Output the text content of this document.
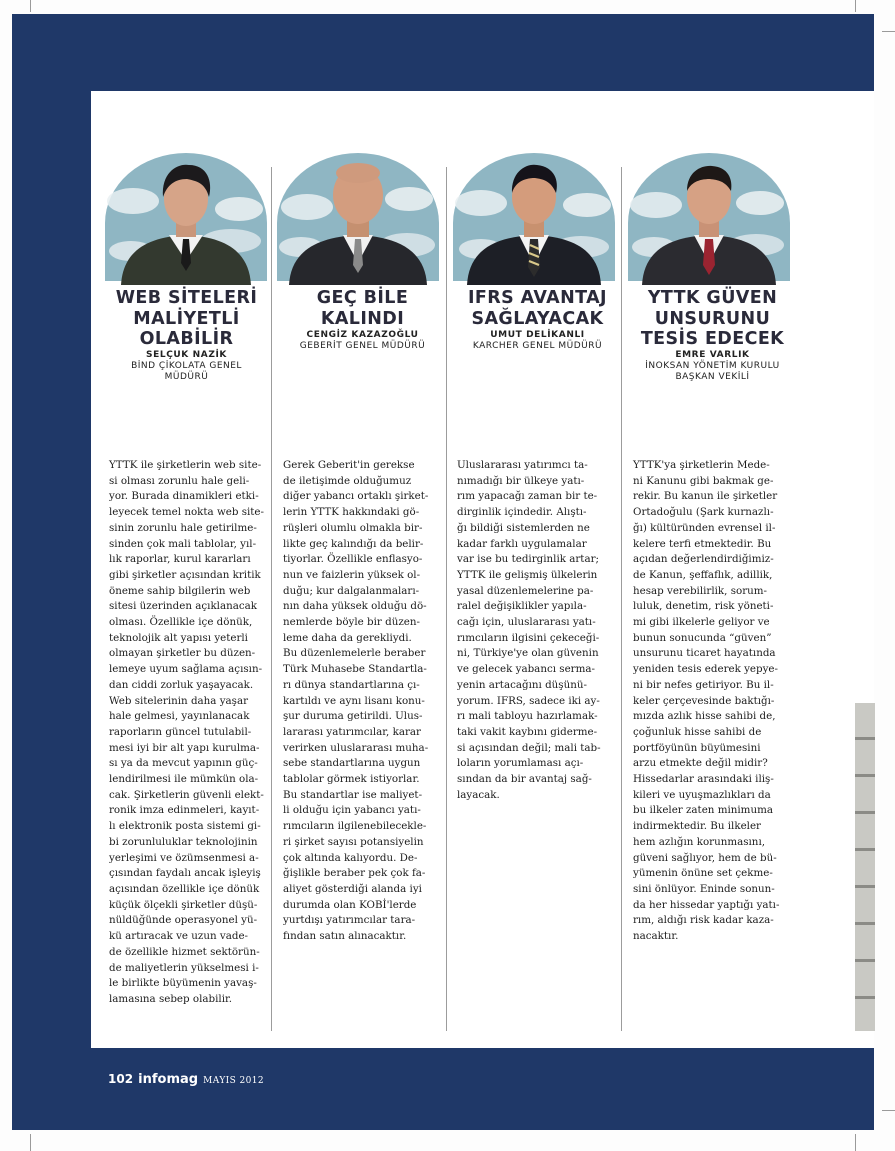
WEB SİTELERİ
MALİYETLİ
OLABİLİR
SELÇUK NAZİK
BİND ÇİKOLATA GENEL
MÜDÜRÜ
YTTK ile şirketlerin web site-
si olması zorunlu hale geli-
yor. Burada dinamikleri etki-
leyecek temel nokta web site-
sinin zorunlu hale getirilme-
sinden çok mali tablolar, yıl-
lık raporlar, kurul kararları
gibi şirketler açısından kritik
öneme sahip bilgilerin web
sitesi üzerinden açıklanacak
olması. Özellikle içe dönük,
teknolojik alt yapısı yeterli
olmayan şirketler bu düzen-
lemeye uyum sağlama açısın-
dan ciddi zorluk yaşayacak.
Web sitelerinin daha yaşar
hale gelmesi, yayınlanacak
raporların güncel tutulabil-
mesi iyi bir alt yapı kurulma-
sı ya da mevcut yapının güç-
lendirilmesi ile mümkün ola-
cak. Şirketlerin güvenli elekt-
ronik imza edinmeleri, kayıt-
lı elektronik posta sistemi gi-
bi zorunluluklar teknolojinin
yerleşimi ve özümsenmesi a-
çısından faydalı ancak işleyiş
açısından özellikle içe dönük
küçük ölçekli şirketler düşü-
nüldüğünde operasyonel yü-
kü artıracak ve uzun vade-
de özellikle hizmet sektörün-
de maliyetlerin yükselmesi i-
le birlikte büyümenin yavaş-
lamasına sebep olabilir.
GEÇ BİLE
KALINDI
CENGİZ KAZAZOĞLU
GEBERİT GENEL MÜDÜRÜ
Gerek Geberit'in gerekse
de iletişimde olduğumuz
diğer yabancı ortaklı şirket-
lerin YTTK hakkındaki gö-
rüşleri olumlu olmakla bir-
likte geç kalındığı da belir-
tiyorlar. Özellikle enflasyo-
nun ve faizlerin yüksek ol-
duğu; kur dalgalanmaları-
nın daha yüksek olduğu dö-
nemlerde böyle bir düzen-
leme daha da gerekliydi.
Bu düzenlemelerle beraber
Türk Muhasebe Standartla-
rı dünya standartlarına çı-
kartıldı ve aynı lisanı konu-
şur duruma getirildi. Ulus-
lararası yatırımcılar, karar
verirken uluslararası muha-
sebe standartlarına uygun
tablolar görmek istiyorlar.
Bu standartlar ise maliyet-
li olduğu için yabancı yatı-
rımcıların ilgilenebilecekle-
ri şirket sayısı potansiyelin
çok altında kalıyordu. De-
ğişlikle beraber pek çok fa-
aliyet gösterdiği alanda iyi
durumda olan KOBİ'lerde
yurtdışı yatırımcılar tara-
fından satın alınacaktır.
IFRS AVANTAJ
SAĞLAYACAK
UMUT DELİKANLI
KARCHER GENEL MÜDÜRÜ
Uluslararası yatırımcı ta-
nımadığı bir ülkeye yatı-
rım yapacağı zaman bir te-
dirginlik içindedir. Alıştı-
ğı bildiği sistemlerden ne
kadar farklı uygulamalar
var ise bu tedirginlik artar;
YTTK ile gelişmiş ülkelerin
yasal düzenlemelerine pa-
ralel değişiklikler yapıla-
cağı için, uluslararası yatı-
rımcıların ilgisini çekeceği-
ni, Türkiye'ye olan güvenin
ve gelecek yabancı serma-
yenin artacağını düşünü-
yorum. IFRS, sadece iki ay-
rı mali tabloyu hazırlamak-
taki vakit kaybını giderme-
si açısından değil; mali tab-
loların yorumlaması açı-
sından da bir avantaj sağ-
layacak.
YTTK GÜVEN
UNSURUNU
TESİS EDECEK
EMRE VARLIK
İNOKSAN YÖNETİM KURULU
BAŞKAN VEKİLİ
YTTK'ya şirketlerin Mede-
ni Kanunu gibi bakmak ge-
rekir. Bu kanun ile şirketler
Ortadoğulu (Şark kurnazlı-
ğı) kültüründen evrensel il-
kelere terfi etmektedir. Bu
açıdan değerlendirdiğimiz-
de Kanun, şeffaflık, adillik,
hesap verebilirlik, sorum-
luluk, denetim, risk yöneti-
mi gibi ilkelerle geliyor ve
bunun sonucunda “güven”
unsurunu ticaret hayatında
yeniden tesis ederek yepye-
ni bir nefes getiriyor. Bu il-
keler çerçevesinde baktığı-
mızda azlık hisse sahibi de,
çoğunluk hisse sahibi de
portföyünün büyümesini
arzu etmekte değil midir?
Hissedarlar arasındaki iliş-
kileri ve uyuşmazlıkları da
bu ilkeler zaten minimuma
indirmektedir. Bu ilkeler
hem azlığın korunmasını,
güveni sağlıyor, hem de bü-
yümenin önüne set çekme-
sini önlüyor. Eninde sonun-
da her hissedar yaptığı yatı-
rım, aldığı risk kadar kaza-
nacaktır.
102 infomag MAYIS 2012
